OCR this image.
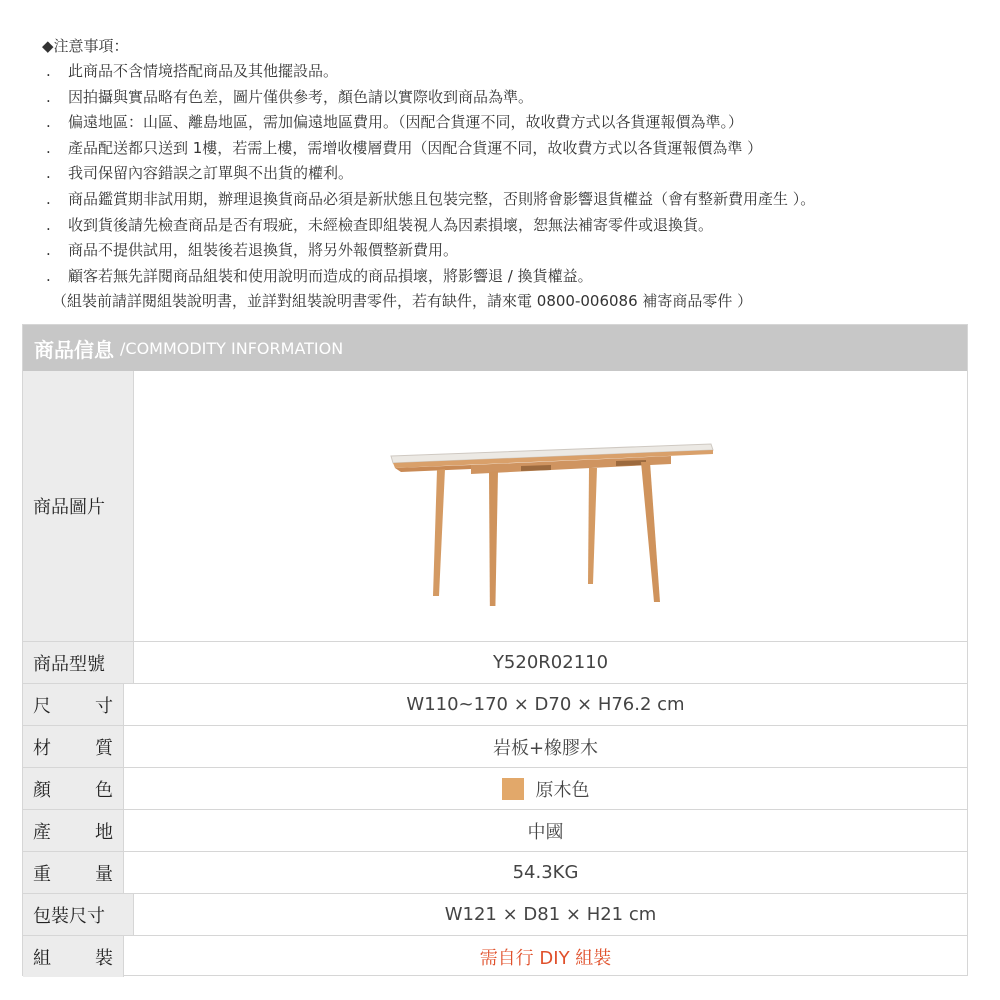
◆注意事項：
. 此商品不含情境搭配商品及其他擺設品。
. 因拍攝與實品略有色差，圖片僅供參考，顏色請以實際收到商品為準。
. 偏遠地區：山區、離島地區，需加偏遠地區費用。（因配合貨運不同，故收費方式以各貨運報價為準。）
. 產品配送都只送到 1樓，若需上樓，需增收樓層費用（因配合貨運不同，故收費方式以各貨運報價為準 ）
. 我司保留內容錯誤之訂單與不出貨的權利。
. 商品鑑賞期非試用期，辦理退換貨商品必須是新狀態且包裝完整，否則將會影響退貨權益（會有整新費用產生 ）。
. 收到貨後請先檢查商品是否有瑕疵，未經檢查即組裝視人為因素損壞，恕無法補寄零件或退換貨。
. 商品不提供試用，組裝後若退換貨，將另外報價整新費用。
. 顧客若無先詳閱商品組裝和使用說明而造成的商品損壞，將影響退 / 換貨權益。
（組裝前請詳閱組裝說明書，並詳對組裝說明書零件，若有缺件，請來電 0800-006086 補寄商品零件 ）
商品信息 /COMMODITY INFORMATION
商品圖片
商品型號	Y520R02110
尺 寸	W110~170 × D70 × H76.2 cm
材 質	岩板+橡膠木
顏 色	原木色
產 地	中國
重 量	54.3KG
包裝尺寸	W121 × D81 × H21 cm
組 裝	需自行 DIY 組裝
